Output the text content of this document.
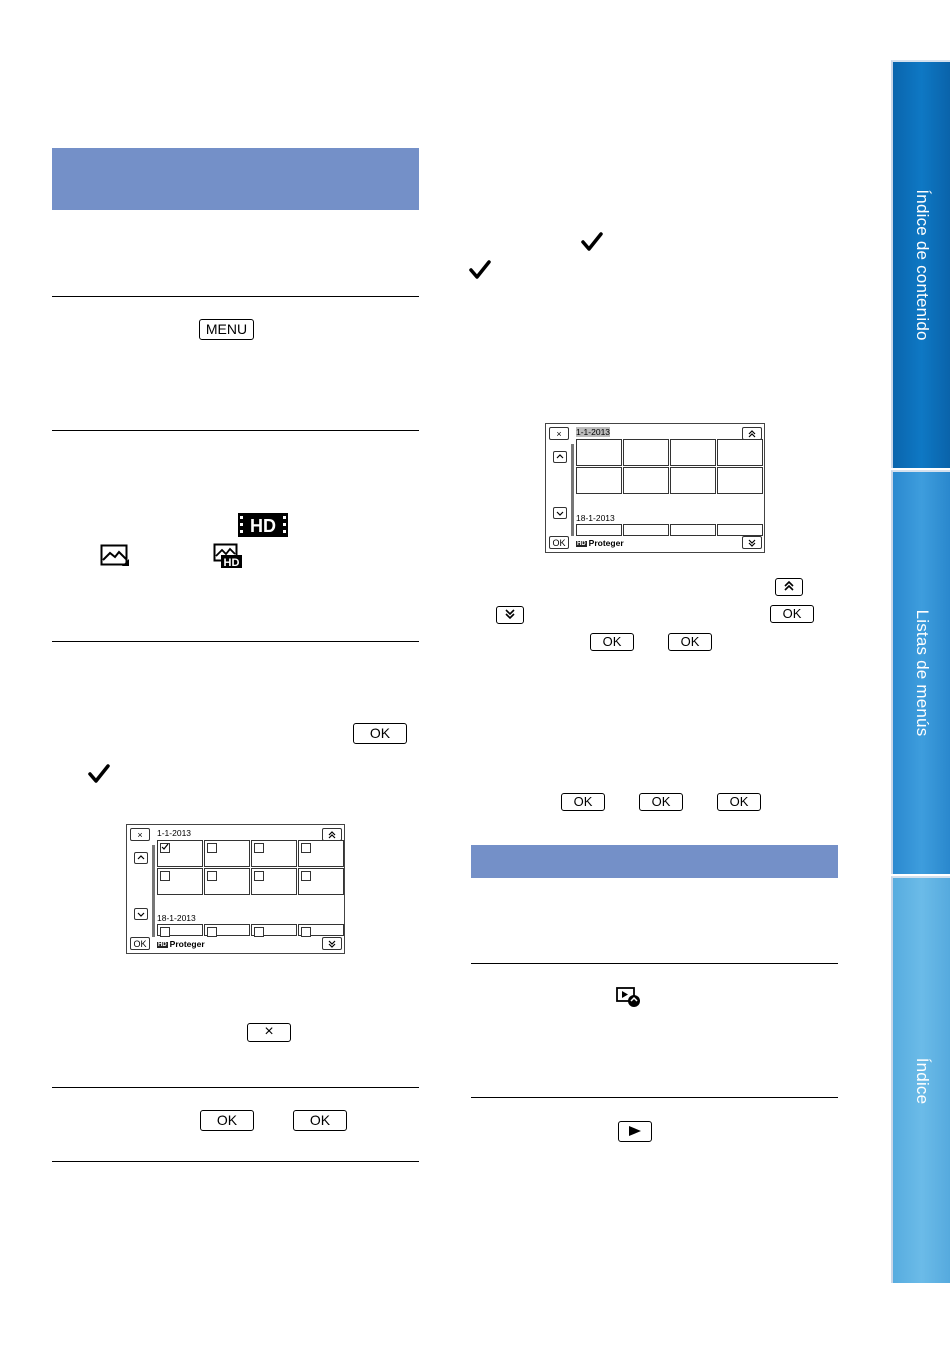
Índice de contenido
Listas de menús
Índice
MENU
HD
HD
OK
×	1-1-2013
18-1-2013
OK	HD Proteger
×
OK	OK
×	1-1-2013
18-1-2013
OK	HD Proteger
OK
OK	OK
OK	OK	OK
